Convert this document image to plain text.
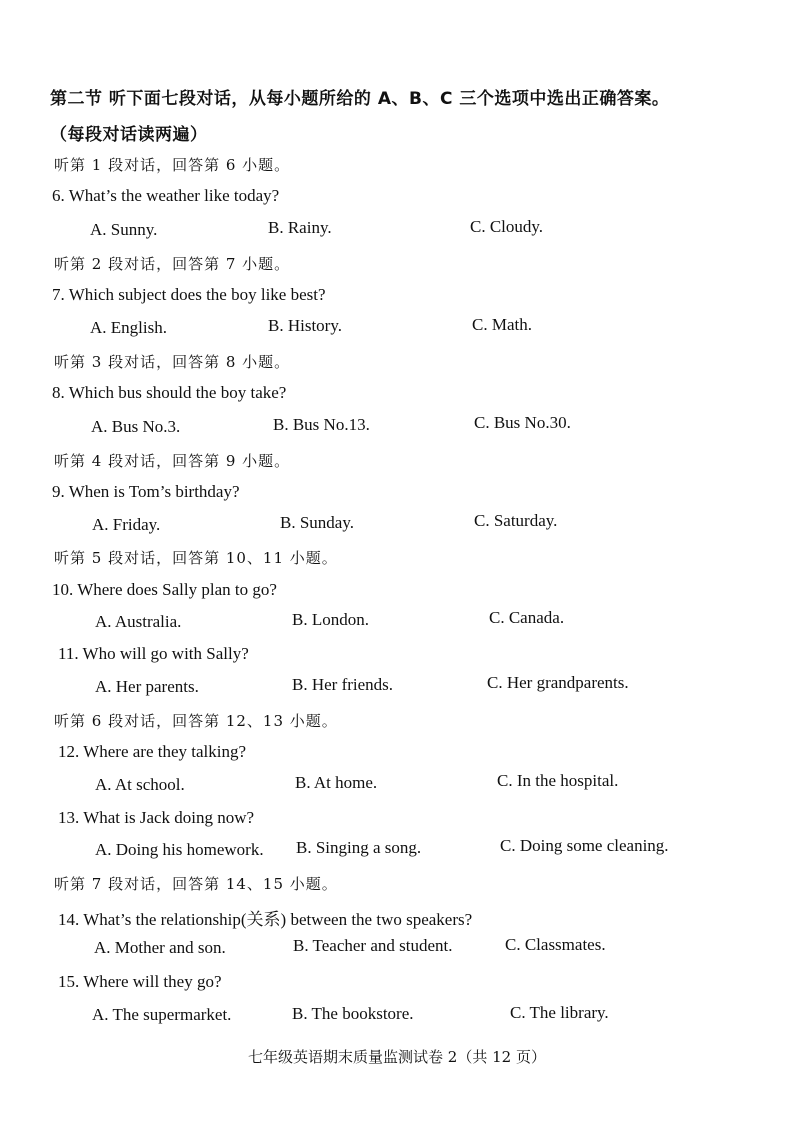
第二节 听下面七段对话，从每小题所给的 A、B、C 三个选项中选出正确答案。
（每段对话读两遍）
听第 1 段对话，回答第 6 小题。
6. What’s the weather like today?
A. Sunny.	B. Rainy.	C. Cloudy.
听第 2 段对话，回答第 7 小题。
7. Which subject does the boy like best?
A. English.	B. History.	C. Math.
听第 3 段对话，回答第 8 小题。
8. Which bus should the boy take?
A. Bus No.3.	B. Bus No.13.	C. Bus No.30.
听第 4 段对话，回答第 9 小题。
9. When is Tom’s birthday?
A. Friday.	B. Sunday.	C. Saturday.
听第 5 段对话，回答第 10、11 小题。
10. Where does Sally plan to go?
A. Australia.	B. London.	C. Canada.
11. Who will go with Sally?
A. Her parents.	B. Her friends.	C. Her grandparents.
听第 6 段对话，回答第 12、13 小题。
12. Where are they talking?
A. At school.	B. At home.	C. In the hospital.
13. What is Jack doing now?
A. Doing his homework. B. Singing a song.	C. Doing some cleaning.
听第 7 段对话，回答第 14、15 小题。
14. What’s the relationship(关系) between the two speakers?
A. Mother and son.	B. Teacher and student.	C. Classmates.
15. Where will they go?
A. The supermarket.	B. The bookstore.	C. The library.
七年级英语期末质量监测试卷 2（共 12 页）
